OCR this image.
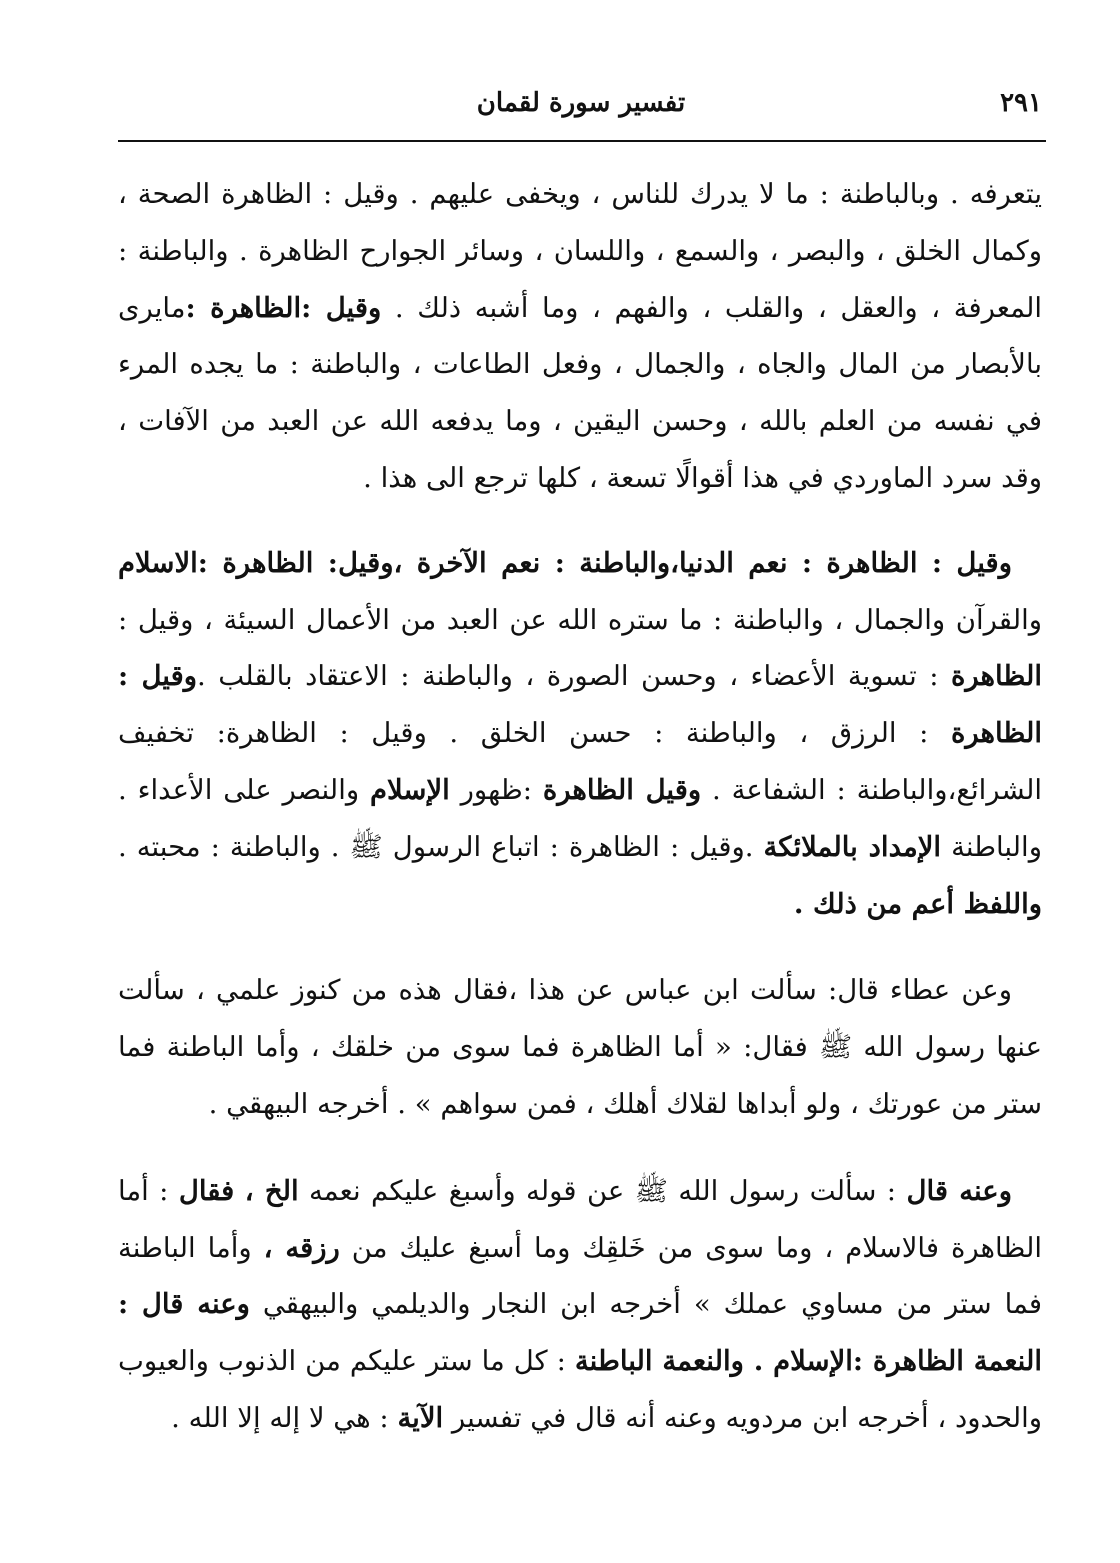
تفسير سورة لقمان	٢٩١

يتعرفه . وبالباطنة : ما لا يدرك للناس ، ويخفى عليهم . وقيل : الظاهرة الصحة ، وكمال الخلق ، والبصر ، والسمع ، واللسان ، وسائر الجوارح الظاهرة . والباطنة : المعرفة ، والعقل ، والقلب ، والفهم ، وما أشبه ذلك . وقيل :الظاهرة :مايرى بالأبصار من المال والجاه ، والجمال ، وفعل الطاعات ، والباطنة : ما يجده المرء في نفسه من العلم بالله ، وحسن اليقين ، وما يدفعه الله عن العبد من الآفات ، وقد سرد الماوردي في هذا أقوالًا تسعة ، كلها ترجع الى هذا .

وقيل : الظاهرة : نعم الدنيا،والباطنة : نعم الآخرة ،وقيل: الظاهرة :الاسلام والقرآن والجمال ، والباطنة : ما ستره الله عن العبد من الأعمال السيئة ، وقيل : الظاهرة : تسوية الأعضاء ، وحسن الصورة ، والباطنة : الاعتقاد بالقلب .وقيل : الظاهرة : الرزق ، والباطنة : حسن الخلق . وقيل : الظاهرة: تخفيف الشرائع،والباطنة : الشفاعة . وقيل الظاهرة :ظهور الإسلام والنصر على الأعداء . والباطنة الإمداد بالملائكة .وقيل : الظاهرة : اتباع الرسول ﷺ . والباطنة : محبته . واللفظ أعم من ذلك .

وعن عطاء قال: سألت ابن عباس عن هذا ،فقال هذه من كنوز علمي ، سألت عنها رسول الله ﷺ فقال: « أما الظاهرة فما سوى من خلقك ، وأما الباطنة فما ستر من عورتك ، ولو أبداها لقلاك أهلك ، فمن سواهم » . أخرجه البيهقي .

وعنه قال : سألت رسول الله ﷺ عن قوله وأسبغ عليكم نعمه الخ ، فقال : أما الظاهرة فالاسلام ، وما سوى من خَلقِك وما أسبغ عليك من رزقه ، وأما الباطنة فما ستر من مساوي عملك » أخرجه ابن النجار والديلمي والبيهقي وعنه قال : النعمة الظاهرة :الإسلام . والنعمة الباطنة : كل ما ستر عليكم من الذنوب والعيوب والحدود ، أخرجه ابن مردويه وعنه أنه قال في تفسير الآية : هي لا إله إلا الله .
